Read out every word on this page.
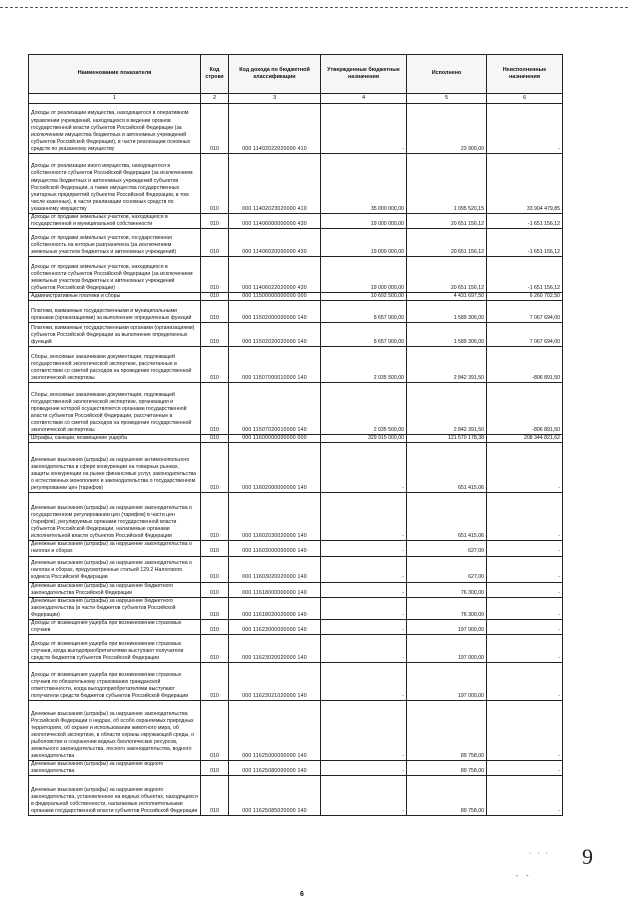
Наименование показателя	Код строки	Код дохода по бюджетной классификации	Утвержденные бюджетные назначения	Исполнено	Неисполненные назначения
1	2	3	4	5	6
Доходы от реализации имущества, находящегося в оперативном управлении учреждений, находящихся в ведении органов государственной власти субъектов Российской Федерации (за исключением имущества бюджетных и автономных учреждений субъектов Российской Федерации), в части реализации основных средств по указанному имуществу	010	000 11402022020000 410	-	23 900,00	-
Доходы от реализации иного имущества, находящегося в собственности субъектов Российской Федерации (за исключением имущества бюджетных и автономных учреждений субъектов Российской Федерации, а также имущества государственных унитарных предприятий субъектов Российской Федерации, в том числе казенных), в части реализации основных средств по указанному имуществу	010	000 11402023020000 410	35 000 000,00	1 095 520,15	33 904 479,85
Доходы от продажи земельных участков, находящихся в государственной и муниципальной собственности	010	000 11406000000000 430	19 000 000,00	20 651 156,12	-1 651 156,12
Доходы от продажи земельных участков, государственная собственность на которые разграничена (за исключением земельных участков бюджетных и автономных учреждений)	010	000 11406020000000 430	19 000 000,00	20 651 156,12	-1 651 156,12
Доходы от продажи земельных участков, находящихся в собственности субъектов Российской Федерации (за исключением земельных участков бюджетных и автономных учреждений субъектов Российской Федерации)	010	000 11406022020000 430	19 000 000,00	20 651 156,12	-1 651 156,12
Административные платежи и сборы	010	000 11500000000000 000	10 692 500,00	4 431 697,50	6 260 702,50
Платежи, взимаемые государственными и муниципальными органами (организациями) за выполнение определенных функций	010	000 11502000000000 140	8 657 000,00	1 589 306,00	7 067 694,00
Платежи, взимаемые государственными органами (организациями) субъектов Российской Федерации за выполнение определенных функций	010	000 11502020020000 140	8 657 000,00	1 589 306,00	7 067 694,00
Сборы, вносимые заказчиками документации, подлежащей государственной экологической экспертизе, рассчитанные в соответствии со сметой расходов на проведение государственной экологической экспертизы	010	000 11507000010000 140	2 035 500,00	2 842 391,50	-806 891,50
Сборы, вносимые заказчиками документации, подлежащей государственной экологической экспертизе, организация и проведение которой осуществляется органами государственной власти субъектов Российской Федерации, рассчитанные в соответствии со сметой расходов на проведение государственной экологической экспертизы	010	000 11507020010000 140	2 035 500,00	2 842 391,50	-806 891,50
Штрафы, санкции, возмещение ущерба	010	000 11600000000000 000	329 915 000,00	121 570 178,38	208 344 821,62
Денежные взыскания (штрафы) за нарушение антимонопольного законодательства в сфере конкуренции на товарных рынках, защиты конкуренции на рынке финансовых услуг, законодательства о естественных монополиях и законодательства о государственном регулировании цен (тарифов)	010	000 11602000000000 140	-	651 415,06	-
Денежные взыскания (штрафы) за нарушение законодательства о государственном регулировании цен (тарифов) в части цен (тарифов), регулируемых органами государственной власти субъектов Российской Федерации, налагаемые органами исполнительной власти субъектов Российской Федерации	010	000 11602030020000 140	-	651 415,06	-
Денежные взыскания (штрафы) за нарушение законодательства о налогах и сборах	010	000 11603000000000 140	-	627,00	-
Денежные взыскания (штрафы) за нарушение законодательства о налогах и сборах, предусмотренные статьей 129.2 Налогового кодекса Российской Федерации	010	000 11603020020000 140	-	627,00	-
Денежные взыскания (штрафы) за нарушение бюджетного законодательства Российской Федерации	010	000 11618000000000 140	-	76 300,00	-
Денежные взыскания (штрафы) за нарушение бюджетного законодательства (в части бюджетов субъектов Российской Федерации)	010	000 11618020020000 140	-	76 300,00	-
Доходы от возмещения ущерба при возникновении страховых случаев	010	000 11623000000000 140	-	197 000,00	-
Доходы от возмещения ущерба при возникновении страховых случаев, когда выгодоприобретателями выступают получатели средств бюджетов субъектов Российской Федерации	010	000 11623020020000 140	-	197 000,00	-
Доходы от возмещения ущерба при возникновении страховых случаев по обязательному страхованию гражданской ответственности, когда выгодоприобретателями выступают получатели средств бюджетов субъектов Российской Федерации	010	000 11623021020000 140	-	197 000,00	-
Денежные взыскания (штрафы) за нарушение законодательства Российской Федерации о недрах, об особо охраняемых природных территориях, об охране и использовании животного мира, об экологической экспертизе, в области охраны окружающей среды, о рыболовстве и сохранении водных биологических ресурсов, земельного законодательства, лесного законодательства, водного законодательства	010	000 11625000000000 140	-	89 758,00	-
Денежные взыскания (штрафы) за нарушение водного законодательства	010	000 11625080000000 140	-	89 758,00	-
Денежные взыскания (штрафы) за нарушение водного законодательства, установленное на водных объектах, находящихся в федеральной собственности, налагаемые исполнительными органами государственной власти субъектов Российской Федерации	010	000 11625085020000 140	-	89 758,00	-
· · · 9
- -
6
